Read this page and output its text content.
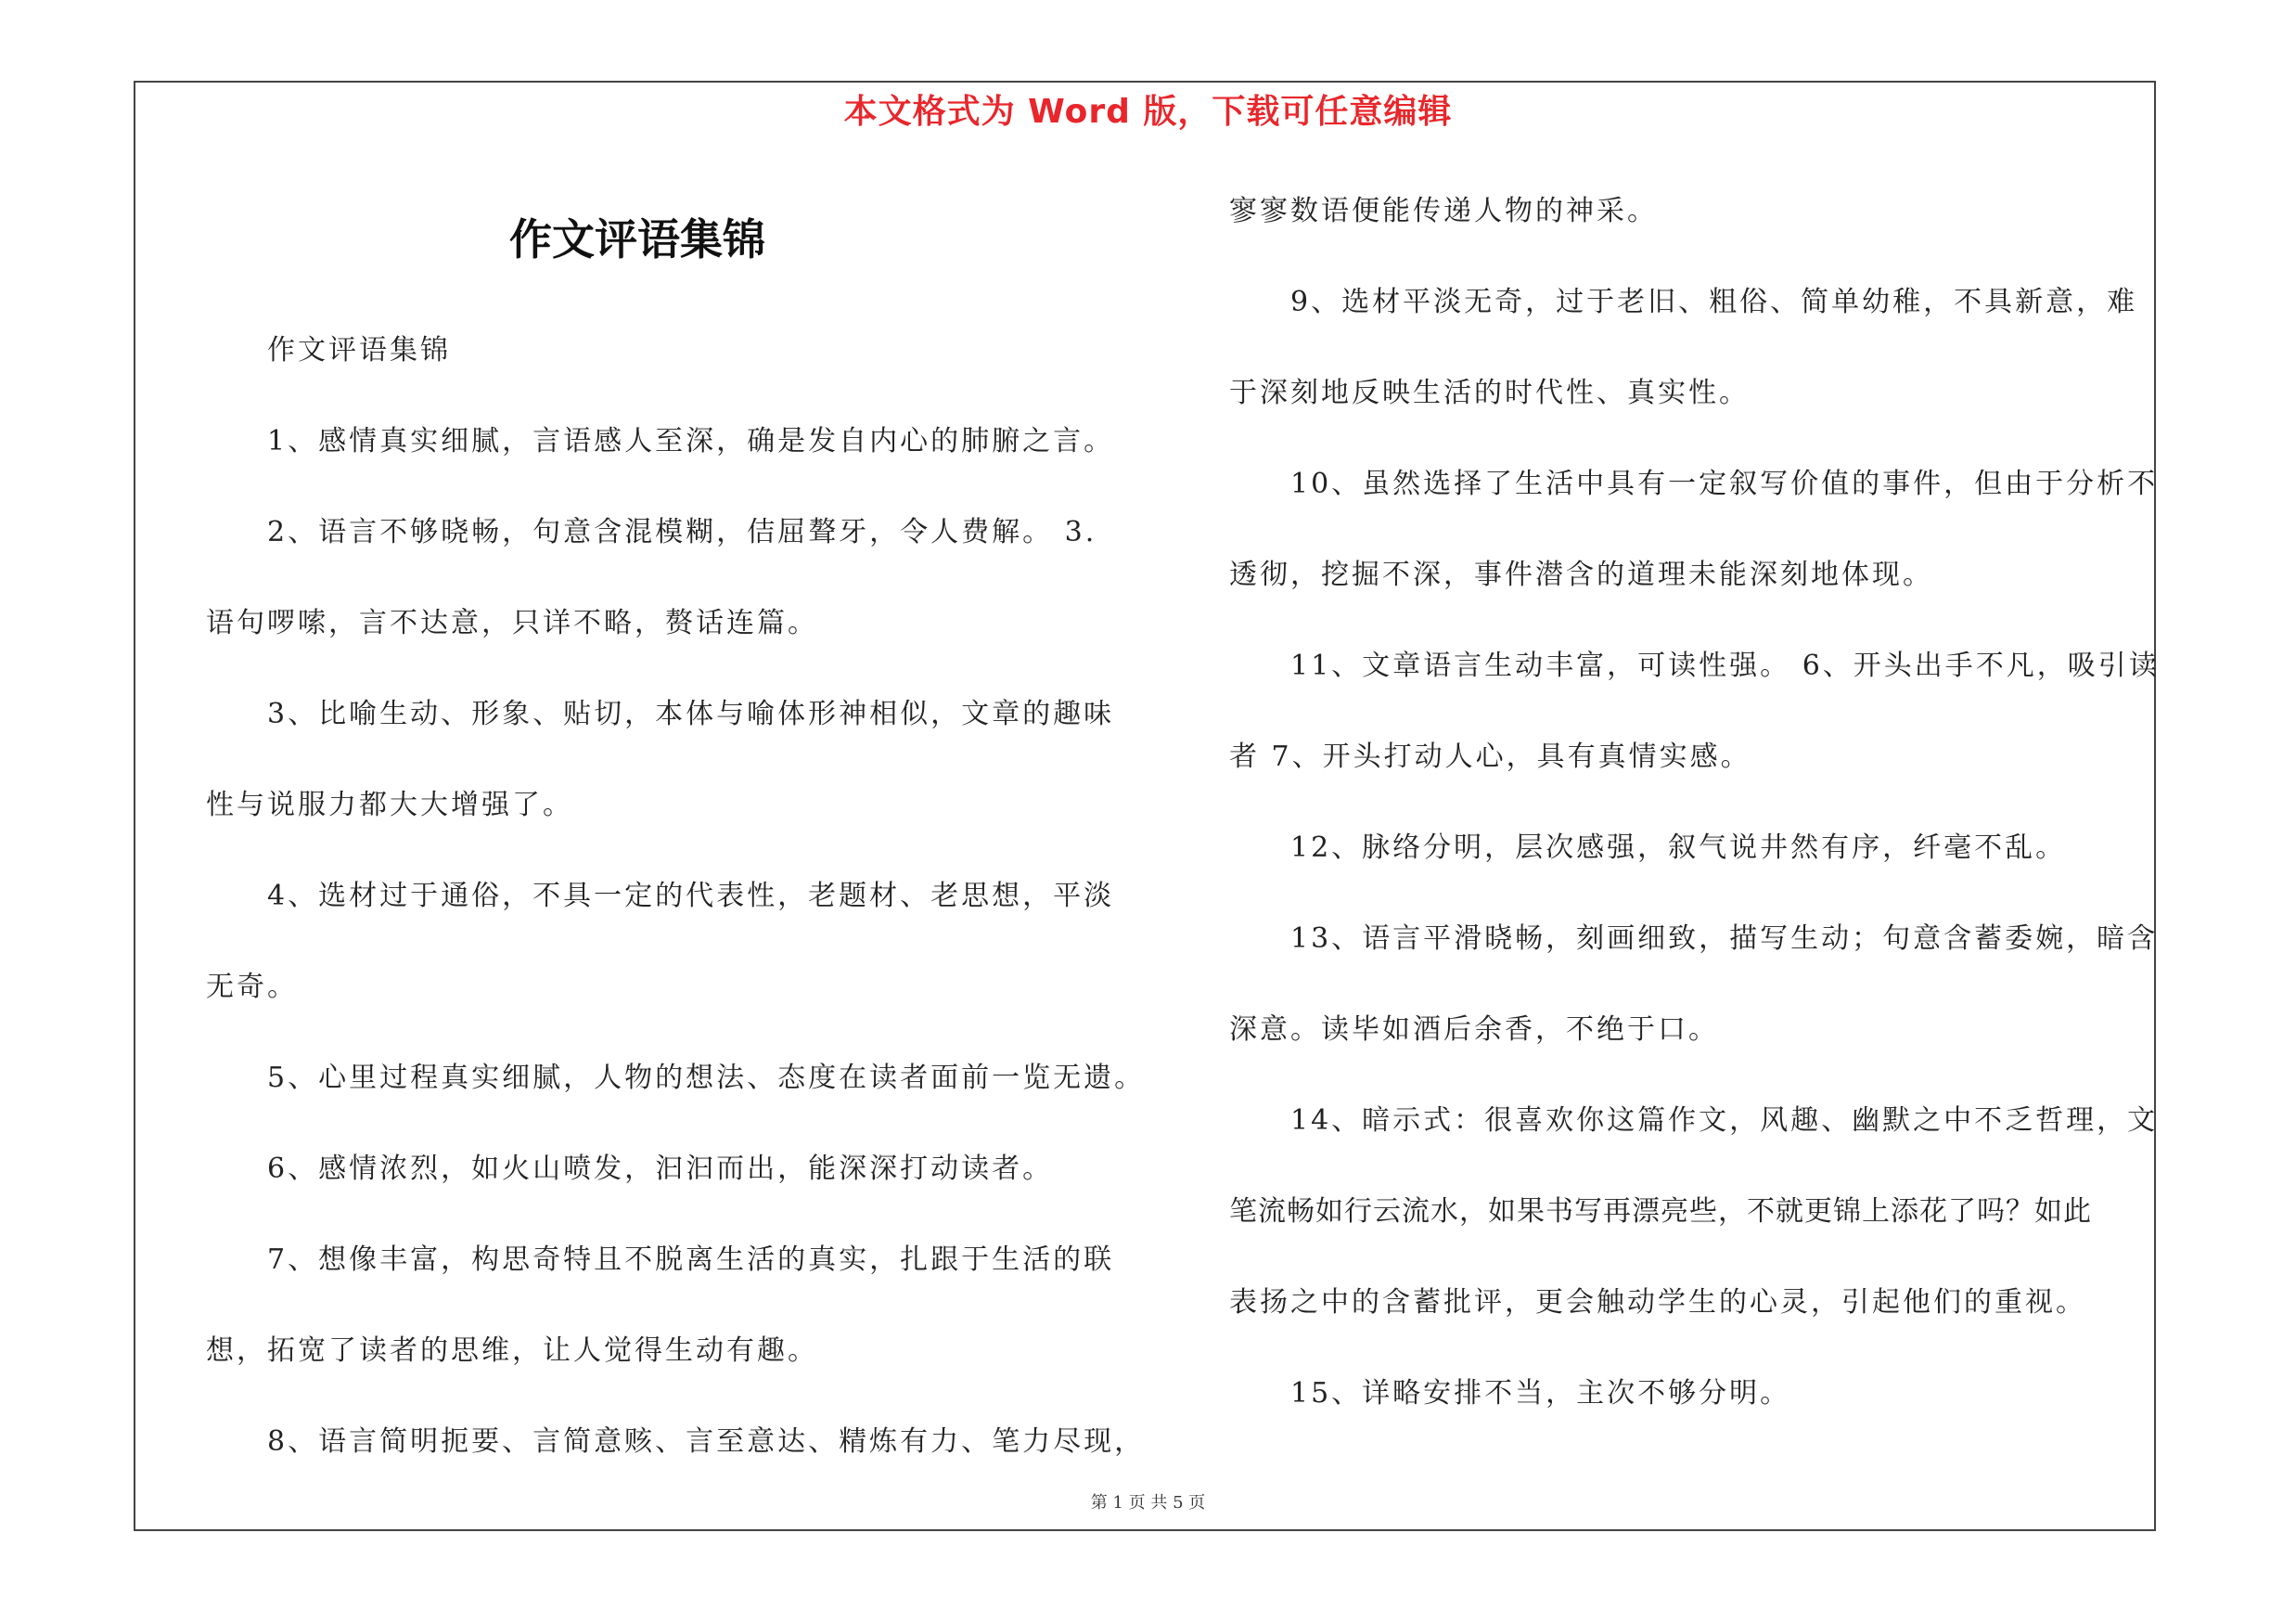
本文格式为 Word 版，下载可任意编辑
作文评语集锦
作文评语集锦
1、感情真实细腻，言语感人至深，确是发自内心的肺腑之言。
2、语言不够晓畅，句意含混模糊，佶屈聱牙，令人费解。 3.
语句啰嗦，言不达意，只详不略，赘话连篇。
3、比喻生动、形象、贴切，本体与喻体形神相似，文章的趣味
性与说服力都大大增强了。
4、选材过于通俗，不具一定的代表性，老题材、老思想，平淡
无奇。
5、心里过程真实细腻，人物的想法、态度在读者面前一览无遗。
6、感情浓烈，如火山喷发，汩汩而出，能深深打动读者。
7、想像丰富，构思奇特且不脱离生活的真实，扎跟于生活的联
想，拓宽了读者的思维，让人觉得生动有趣。
8、语言简明扼要、言简意赅、言至意达、精炼有力、笔力尽现，
寥寥数语便能传递人物的神采。
9、选材平淡无奇，过于老旧、粗俗、简单幼稚，不具新意，难
于深刻地反映生活的时代性、真实性。
10、虽然选择了生活中具有一定叙写价值的事件，但由于分析不
透彻，挖掘不深，事件潜含的道理未能深刻地体现。
11、文章语言生动丰富，可读性强。 6、开头出手不凡，吸引读
者 7、开头打动人心，具有真情实感。
12、脉络分明，层次感强，叙气说井然有序，纤毫不乱。
13、语言平滑晓畅，刻画细致，描写生动；句意含蓄委婉，暗含
深意。读毕如酒后余香，不绝于口。
14、暗示式：很喜欢你这篇作文，风趣、幽默之中不乏哲理，文
笔流畅如行云流水，如果书写再漂亮些，不就更锦上添花了吗？如此
表扬之中的含蓄批评，更会触动学生的心灵，引起他们的重视。
15、详略安排不当，主次不够分明。
第 1 页 共 5 页
